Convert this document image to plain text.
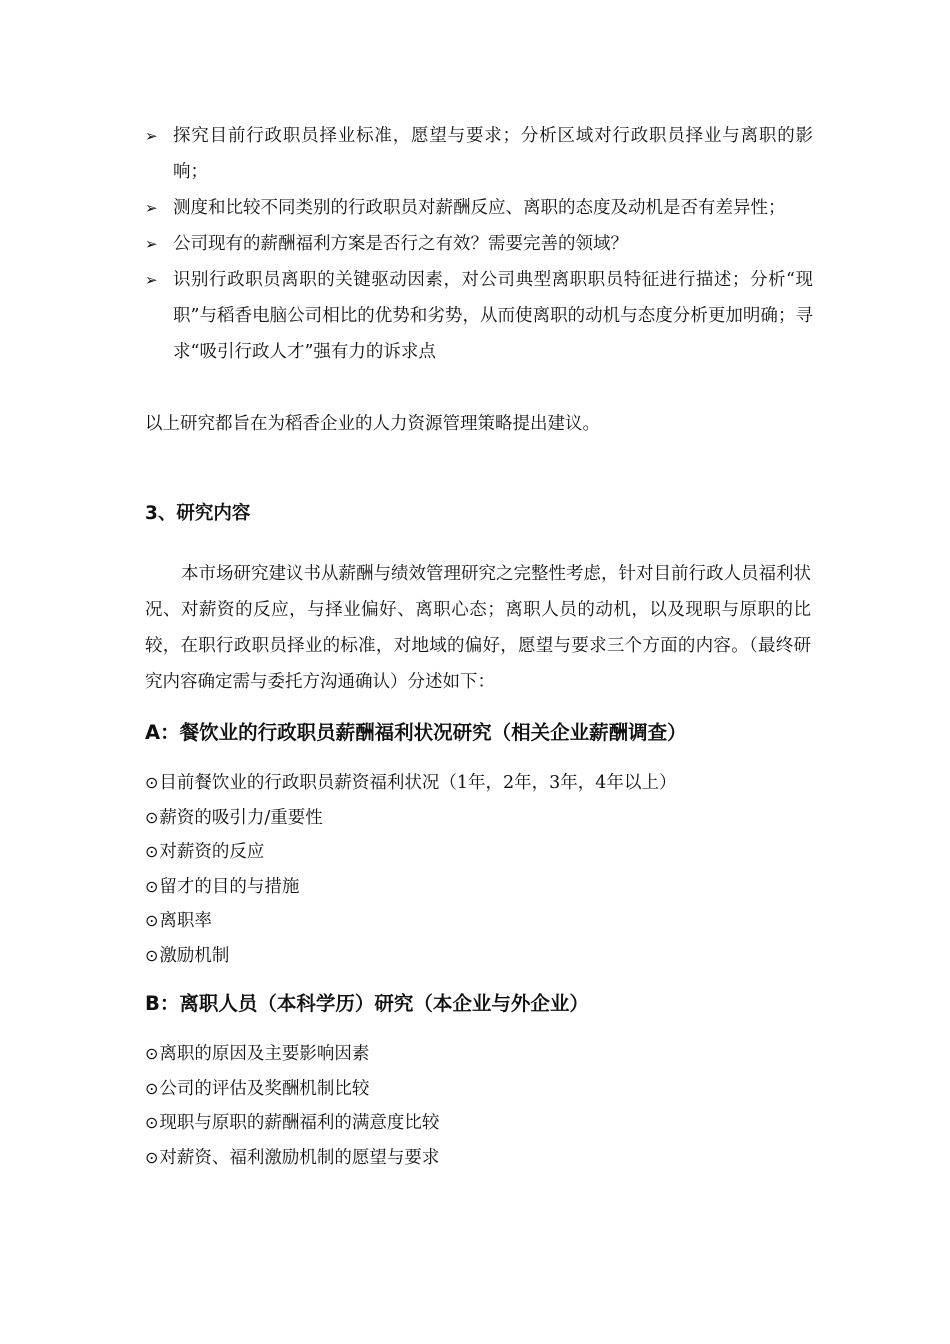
➢ 探究目前行政职员择业标准，愿望与要求；分析区域对行政职员择业与离职的影响；
➢ 测度和比较不同类别的行政职员对薪酬反应、离职的态度及动机是否有差异性；
➢ 公司现有的薪酬福利方案是否行之有效？需要完善的领域？
➢ 识别行政职员离职的关键驱动因素，对公司典型离职职员特征进行描述；分析“现职”与稻香电脑公司相比的优势和劣势，从而使离职的动机与态度分析更加明确；寻求“吸引行政人才”强有力的诉求点

以上研究都旨在为稻香企业的人力资源管理策略提出建议。

3、研究内容

本市场研究建议书从薪酬与绩效管理研究之完整性考虑，针对目前行政人员福利状况、对薪资的反应，与择业偏好、离职心态；离职人员的动机，以及现职与原职的比较，在职行政职员择业的标准，对地域的偏好，愿望与要求三个方面的内容。（最终研究内容确定需与委托方沟通确认）分述如下：

A：餐饮业的行政职员薪酬福利状况研究（相关企业薪酬调查）
⊙目前餐饮业的行政职员薪资福利状况（1年，2年，3年，4年以上）
⊙薪资的吸引力/重要性
⊙对薪资的反应
⊙留才的目的与措施
⊙离职率
⊙激励机制
B：离职人员（本科学历）研究（本企业与外企业）
⊙离职的原因及主要影响因素
⊙公司的评估及奖酬机制比较
⊙现职与原职的薪酬福利的满意度比较
⊙对薪资、福利激励机制的愿望与要求
